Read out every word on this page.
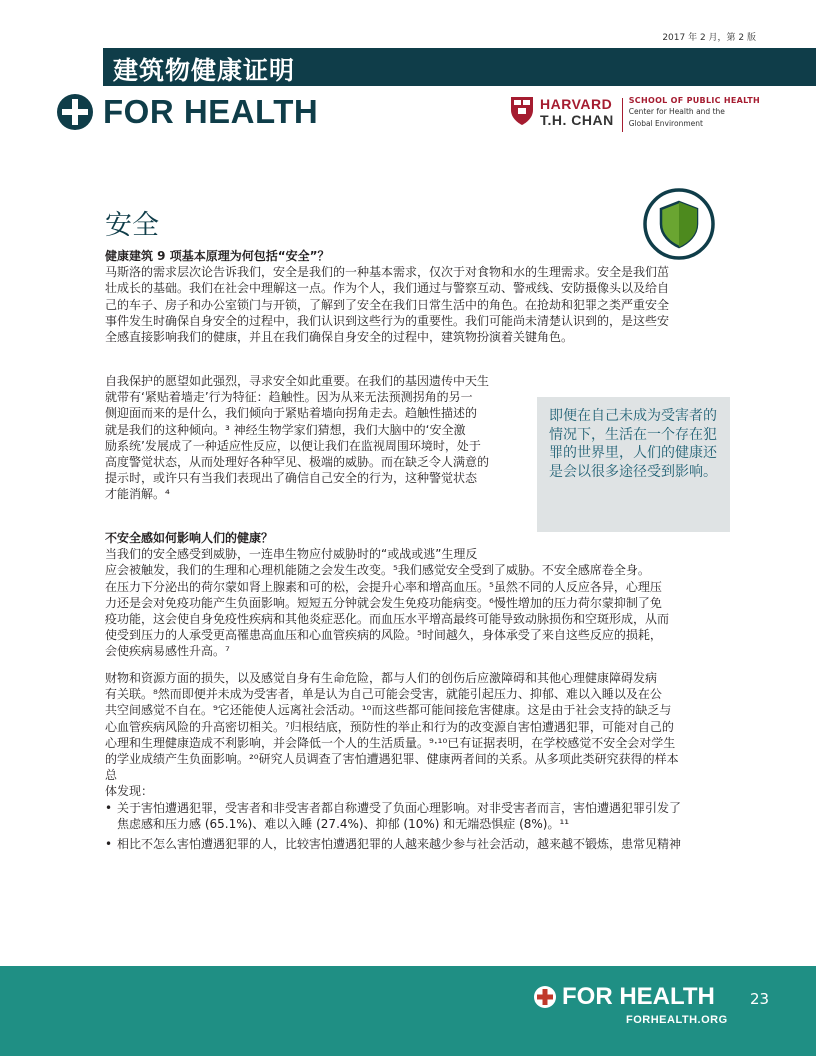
2017 年 2 月，第 2 版
建筑物健康证明
FOR HEALTH	HARVARD
T.H. CHAN
SCHOOL OF PUBLIC HEALTH
Center for Health and the
Global Environment
安全
健康建筑 9 项基本原理为何包括“安全”？
马斯洛的需求层次论告诉我们，安全是我们的一种基本需求，仅次于对食物和水的生理需求。安全是我们茁
壮成长的基础。我们在社会中理解这一点。作为个人，我们通过与警察互动、警戒线、安防摄像头以及给自
己的车子、房子和办公室锁门与开锁，了解到了安全在我们日常生活中的角色。在抢劫和犯罪之类严重安全
事件发生时确保自身安全的过程中，我们认识到这些行为的重要性。我们可能尚未清楚认识到的，是这些安
全感直接影响我们的健康，并且在我们确保自身安全的过程中，建筑物扮演着关键角色。
自我保护的愿望如此强烈，寻求安全如此重要。在我们的基因遗传中天生
就带有‘紧贴着墙走’行为特征：趋触性。因为从来无法预测拐角的另一
侧迎面而来的是什么，我们倾向于紧贴着墙向拐角走去。趋触性描述的
就是我们的这种倾向。³ 神经生物学家们猜想，我们大脑中的‘安全激
励系统’发展成了一种适应性反应，以便让我们在监视周围环境时，处于
高度警觉状态，从而处理好各种罕见、极端的威胁。而在缺乏令人满意的
提示时，或许只有当我们表现出了确信自己安全的行为，这种警觉状态
才能消解。⁴
即便在自己未成为受害者的情况下，生活在一个存在犯罪的世界里，人们的健康还是会以很多途径受到影响。
不安全感如何影响人们的健康？
当我们的安全感受到威胁，一连串生物应付威胁时的“或战或逃”生理反
应会被触发，我们的生理和心理机能随之会发生改变。⁵我们感觉安全受到了威胁。不安全感席卷全身。
在压力下分泌出的荷尔蒙如肾上腺素和可的松，会提升心率和增高血压。⁵虽然不同的人反应各异，心理压
力还是会对免疫功能产生负面影响。短短五分钟就会发生免疫功能病变。⁶慢性增加的压力荷尔蒙抑制了免
疫功能，这会使自身免疫性疾病和其他炎症恶化。而血压水平增高最终可能导致动脉损伤和空斑形成，从而
使受到压力的人承受更高罹患高血压和心血管疾病的风险。⁵时间越久，身体承受了来自这些反应的损耗，
会使疾病易感性升高。⁷
财物和资源方面的损失，以及感觉自身有生命危险，都与人们的创伤后应激障碍和其他心理健康障碍发病
有关联。⁸然而即便并未成为受害者，单是认为自己可能会受害，就能引起压力、抑郁、难以入睡以及在公
共空间感觉不自在。⁹它还能使人远离社会活动。¹⁰而这些都可能间接危害健康。这是由于社会支持的缺乏与
心血管疾病风险的升高密切相关。⁷归根结底，预防性的举止和行为的改变源自害怕遭遇犯罪，可能对自己的
心理和生理健康造成不利影响，并会降低一个人的生活质量。⁹·¹⁰已有证据表明，在学校感觉不安全会对学生
的学业成绩产生负面影响。²⁰研究人员调查了害怕遭遇犯罪、健康两者间的关系。从多项此类研究获得的样本
总
体发现：
• 关于害怕遭遇犯罪，受害者和非受害者都自称遭受了负面心理影响。对非受害者而言，害怕遭遇犯罪引发了
焦虑感和压力感 (65.1%)、难以入睡 (27.4%)、抑郁 (10%) 和无端恐惧症 (8%)。¹¹
• 相比不怎么害怕遭遇犯罪的人，比较害怕遭遇犯罪的人越来越少参与社会活动，越来越不锻炼，患常见精神
FOR HEALTH 23
FORHEALTH.ORG
